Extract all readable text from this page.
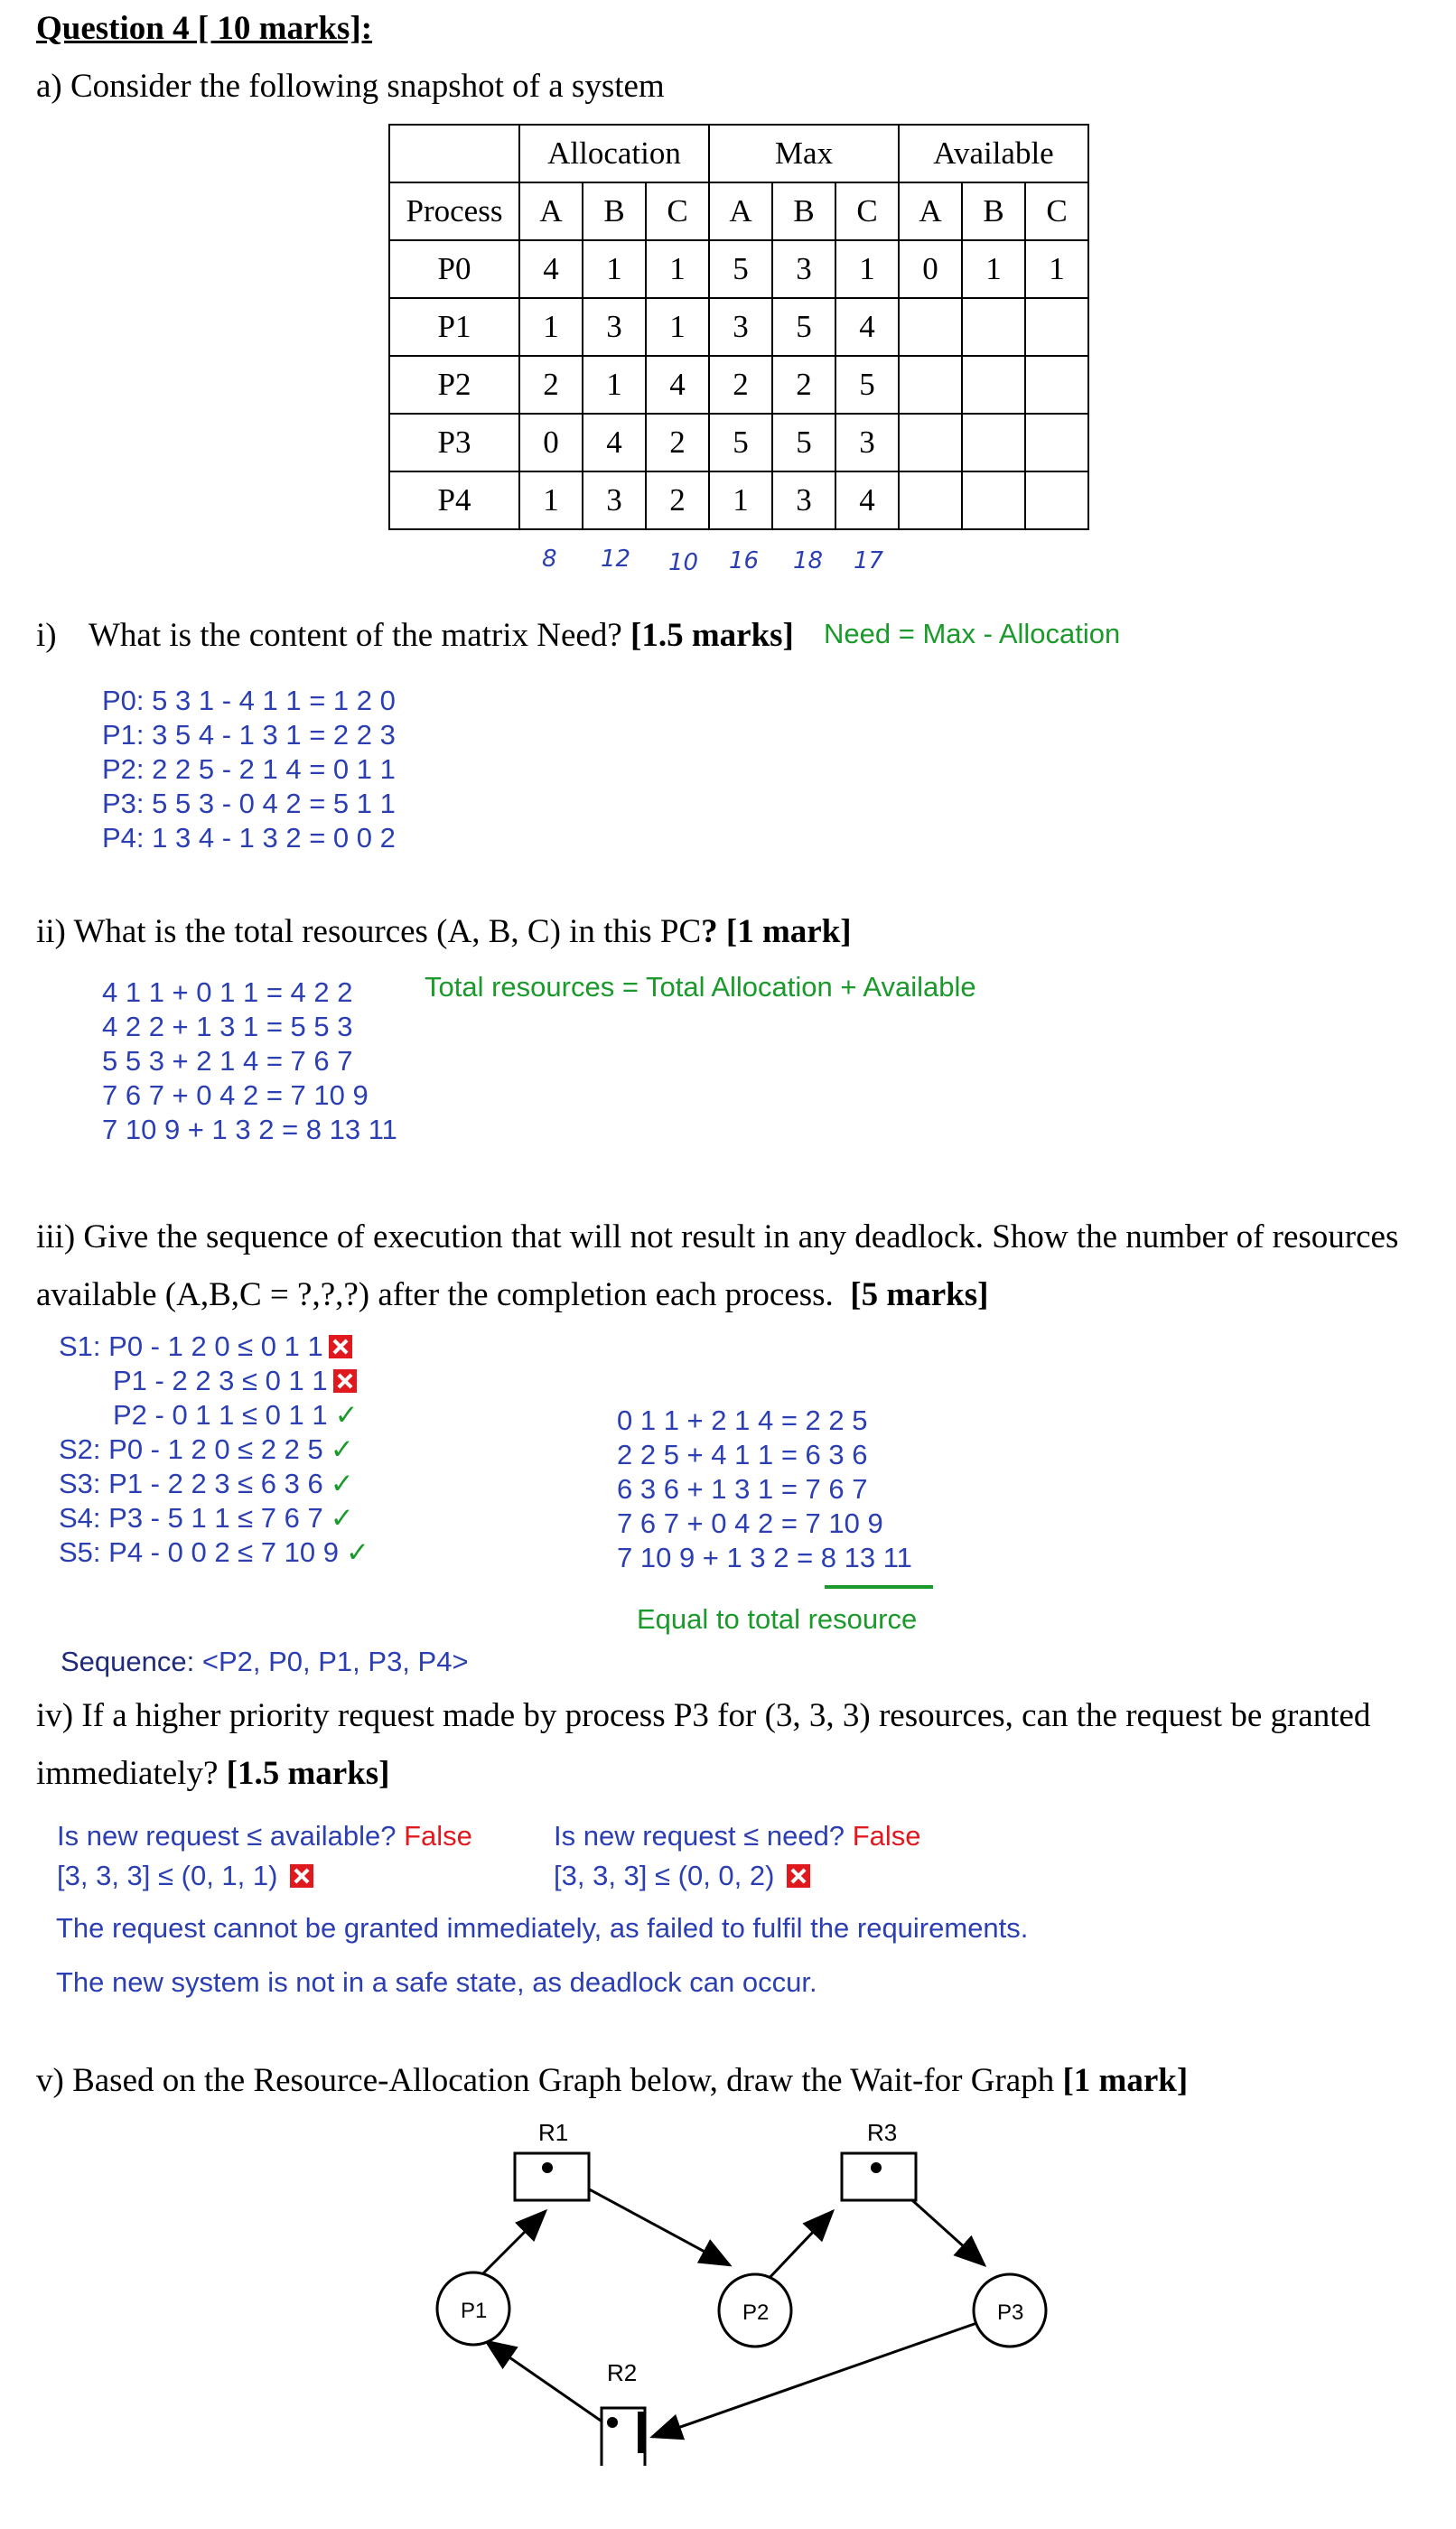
Question 4 [ 10 marks]:
a) Consider the following snapshot of a system
	Allocation			Max			Available		
Process	A	B	C	A	B	C	A	B	C
P0	4	1	1	5	3	1	0	1	1
P1	1	3	1	3	5	4			
P2	2	1	4	2	2	5			
P3	0	4	2	5	5	3			
P4	1	3	2	1	3	4			
8 12 10 16 18 17
i) What is the content of the matrix Need? [1.5 marks] Need = Max - Allocation
P0: 5 3 1 - 4 1 1 = 1 2 0
P1: 3 5 4 - 1 3 1 = 2 2 3
P2: 2 2 5 - 2 1 4 = 0 1 1
P3: 5 5 3 - 0 4 2 = 5 1 1
P4: 1 3 4 - 1 3 2 = 0 0 2
ii) What is the total resources (A, B, C) in this PC? [1 mark]
Total resources = Total Allocation + Available
4 1 1 + 0 1 1 = 4 2 2
4 2 2 + 1 3 1 = 5 5 3
5 5 3 + 2 1 4 = 7 6 7
7 6 7 + 0 4 2 = 7 10 9
7 10 9 + 1 3 2 = 8 13 11
iii) Give the sequence of execution that will not result in any deadlock. Show the number of resources
available (A,B,C = ?,?,?) after the completion each process. [5 marks]
S1: P0 - 1 2 0 ≤ 0 1 1
P1 - 2 2 3 ≤ 0 1 1
P2 - 0 1 1 ≤ 0 1 1 ✓
S2: P0 - 1 2 0 ≤ 2 2 5 ✓
S3: P1 - 2 2 3 ≤ 6 3 6 ✓
S4: P3 - 5 1 1 ≤ 7 6 7 ✓
S5: P4 - 0 0 2 ≤ 7 10 9 ✓
0 1 1 + 2 1 4 = 2 2 5
2 2 5 + 4 1 1 = 6 3 6
6 3 6 + 1 3 1 = 7 6 7
7 6 7 + 0 4 2 = 7 10 9
7 10 9 + 1 3 2 = 8 13 11
Equal to total resource
Sequence: <P2, P0, P1, P3, P4>
iv) If a higher priority request made by process P3 for (3, 3, 3) resources, can the request be granted
immediately? [1.5 marks]
Is new request ≤ available? False
[3, 3, 3] ≤ (0, 1, 1)
Is new request ≤ need? False
[3, 3, 3] ≤ (0, 0, 2)
The request cannot be granted immediately, as failed to fulfil the requirements.
The new system is not in a safe state, as deadlock can occur.
v) Based on the Resource-Allocation Graph below, draw the Wait-for Graph [1 mark]
R1	R3
R2
P1	P2	P3
